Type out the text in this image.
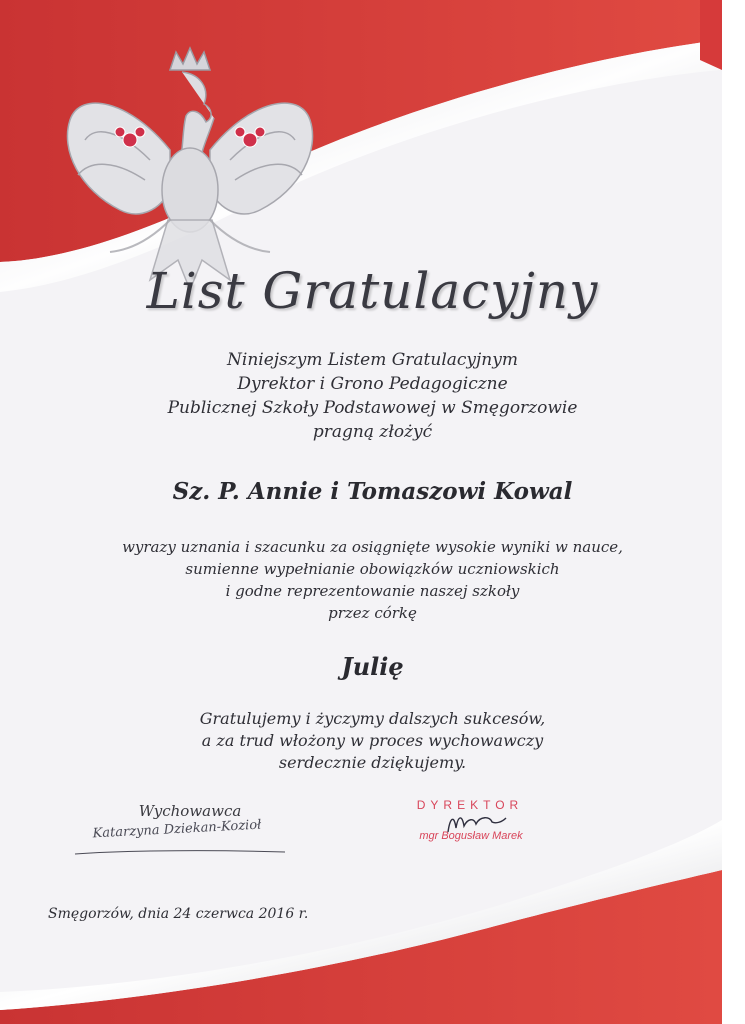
List Gratulacyjny
Niniejszym Listem Gratulacyjnym
Dyrektor i Grono Pedagogiczne
Publicznej Szkoły Podstawowej w Smęgorzowie
pragną złożyć
Sz. P. Annie i Tomaszowi Kowal
wyrazy uznania i szacunku za osiągnięte wysokie wyniki w nauce,
sumienne wypełnianie obowiązków uczniowskich
i godne reprezentowanie naszej szkoły
przez córkę
Julię
Gratulujemy i życzymy dalszych sukcesów,
a za trud włożony w proces wychowawczy
serdecznie dziękujemy.
Wychowawca
Katarzyna Dziekan-Kozioł
DYREKTOR
mgr Bogusław Marek
Smęgorzów, dnia 24 czerwca 2016 r.
